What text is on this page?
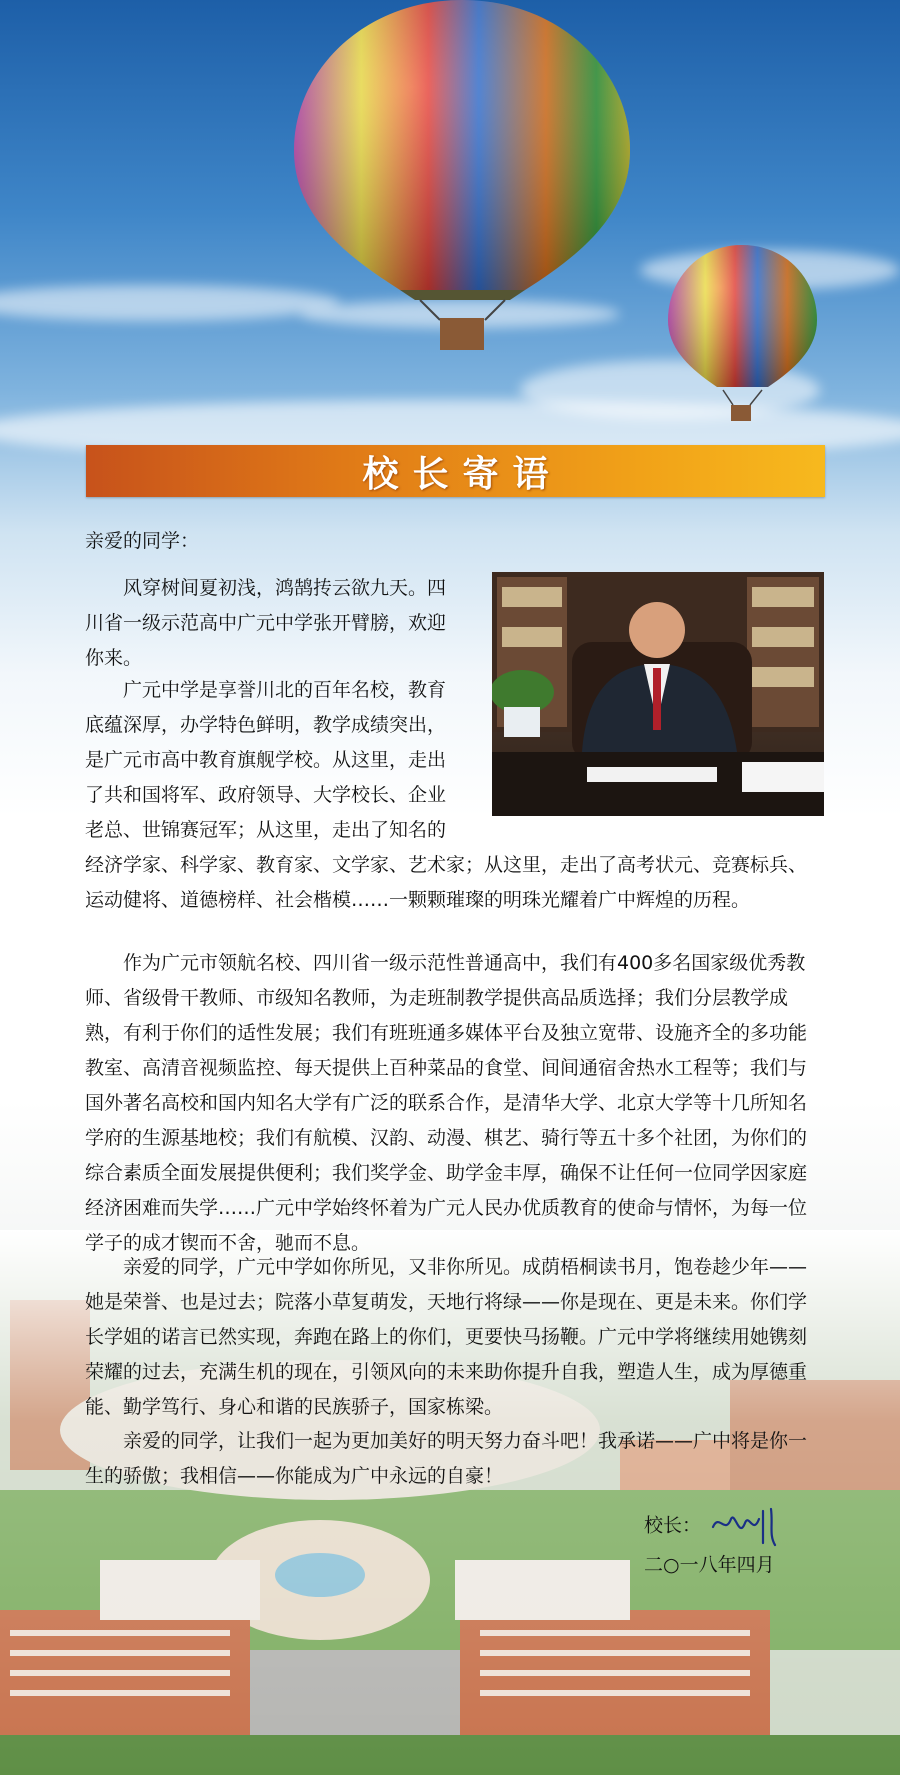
校长寄语
亲爱的同学：

风穿树间夏初浅，鸿鹄抟云欲九天。四

川省一级示范高中广元中学张开臂膀，欢迎

你来。

广元中学是享誉川北的百年名校，教育

底蕴深厚，办学特色鲜明，教学成绩突出，

是广元市高中教育旗舰学校。从这里，走出

了共和国将军、政府领导、大学校长、企业

老总、世锦赛冠军；从这里，走出了知名的

经济学家、科学家、教育家、文学家、艺术家；从这里，走出了高考状元、竞赛标兵、运动健将、道德榜样、社会楷模……一颗颗璀璨的明珠光耀着广中辉煌的历程。

作为广元市领航名校、四川省一级示范性普通高中，我们有400多名国家级优秀教师、省级骨干教师、市级知名教师，为走班制教学提供高品质选择；我们分层教学成熟，有利于你们的适性发展；我们有班班通多媒体平台及独立宽带、设施齐全的多功能教室、高清音视频监控、每天提供上百种菜品的食堂、间间通宿舍热水工程等；我们与国外著名高校和国内知名大学有广泛的联系合作，是清华大学、北京大学等十几所知名学府的生源基地校；我们有航模、汉韵、动漫、棋艺、骑行等五十多个社团，为你们的综合素质全面发展提供便利；我们奖学金、助学金丰厚，确保不让任何一位同学因家庭经济困难而失学……广元中学始终怀着为广元人民办优质教育的使命与情怀，为每一位学子的成才锲而不舍，驰而不息。

亲爱的同学，广元中学如你所见，又非你所见。成荫梧桐读书月，饱卷趁少年——她是荣誉、也是过去；院落小草复萌发，天地行将绿——你是现在、更是未来。你们学长学姐的诺言已然实现，奔跑在路上的你们，更要快马扬鞭。广元中学将继续用她镌刻荣耀的过去，充满生机的现在，引领风向的未来助你提升自我，塑造人生，成为厚德重能、勤学笃行、身心和谐的民族骄子，国家栋梁。

亲爱的同学，让我们一起为更加美好的明天努力奋斗吧！我承诺——广中将是你一生的骄傲；我相信——你能成为广中永远的自豪！

校长：
二○一八年四月
